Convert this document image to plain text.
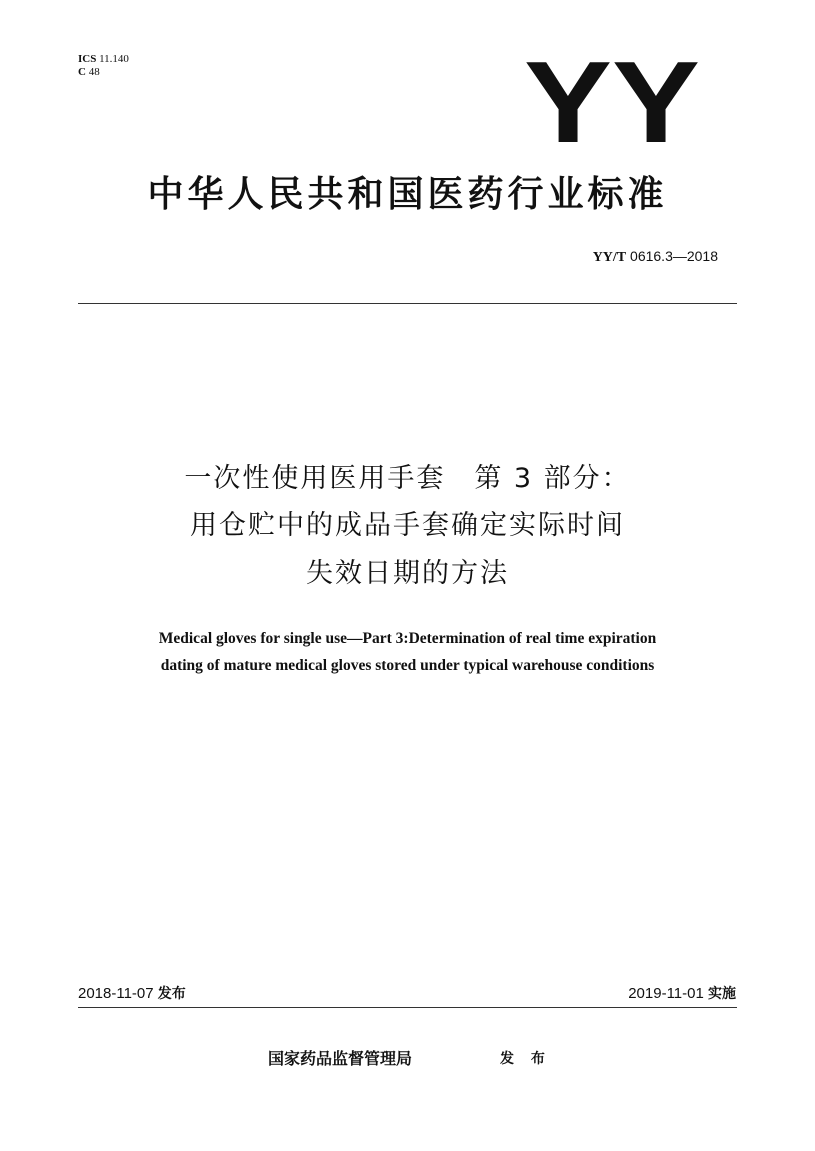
ICS 11.140
C 48	YY
中华人民共和国医药行业标准
YY/T 0616.3—2018
一次性使用医用手套　第 3 部分：
用仓贮中的成品手套确定实际时间
失效日期的方法
Medical gloves for single use—Part 3:Determination of real time expiration
dating of mature medical gloves stored under typical warehouse conditions
2018-11-07 发布	2019-11-01 实施
国家药品监督管理局	发 布
